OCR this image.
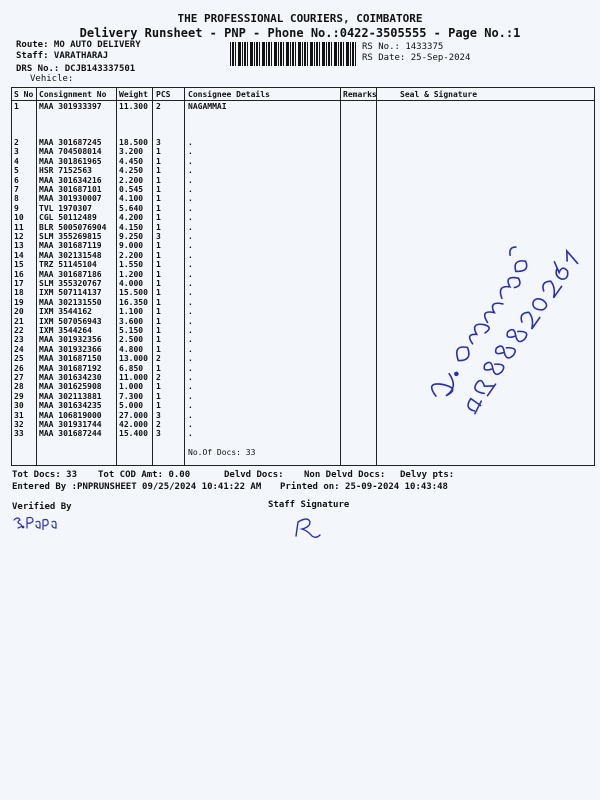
THE PROFESSIONAL COURIERS, COIMBATORE
Delivery Runsheet - PNP - Phone No.:0422-3505555 - Page No.:1
Route: MO AUTO DELIVERY
Staff: VARATHARAJ
DRS No.: DCJB143337501
Vehicle:
RS No.: 1433375
RS Date: 25-Sep-2024
S No Consignment No Weight PCS Consignee Details	Remarks	Seal & Signature
1	MAA 301933397 11.300 2	NAGAMMAI
2	MAA 301687245 18.500 3	.
3	MAA 704508014 3.200 1	.
4	MAA 301861965 4.450 1	.
5	HSR 7152563	4.250 1	.
6	MAA 301634216 2.200 1	.
7	MAA 301687101 0.545 1	.
8	MAA 301930007 4.100 1	.
9	TVL 1970307	5.640 1	.
10 CGL 50112489	4.200 1	.
11 BLR 5005076904 4.150 1	.
12 SLM 355269815 9.250 3	.
13 MAA 301687119 9.000 1	.
14 MAA 302131548 2.200 1	.
15 TRZ 51145104	1.550 1	.
16 MAA 301687186 1.200 1	.
17 SLM 355320767 4.000 1	.
18 IXM 507114137 15.500 1	.
19 MAA 302131550 16.350 1	.
20 IXM 3544162	1.100 1	.
21 IXM 507056943 3.600 1	.
22 IXM 3544264	5.150 1	.
23 MAA 301932356 2.500 1	.
24 MAA 301932366 4.800 1	.
25 MAA 301687150 13.000 2	.
26 MAA 301687192 6.850 1	.
27 MAA 301634230 11.000 2	.
28 MAA 301625908 1.000 1	.
29 MAA 302113881 7.300 1	.
30 MAA 301634235 5.000 1	.
31 MAA 106819000 27.000 3	.
32 MAA 301931744 42.000 2	.
33 MAA 301687244 15.400 3	.
No.Of Docs: 33
Tot Docs: 33 Tot COD Amt: 0.00	Delvd Docs: Non Delvd Docs: Delvy pts:
Entered By :PNPRUNSHEET 09/25/2024 10:41:22 AM Printed on: 25-09-2024 10:43:48
Verified By	Staff Signature
